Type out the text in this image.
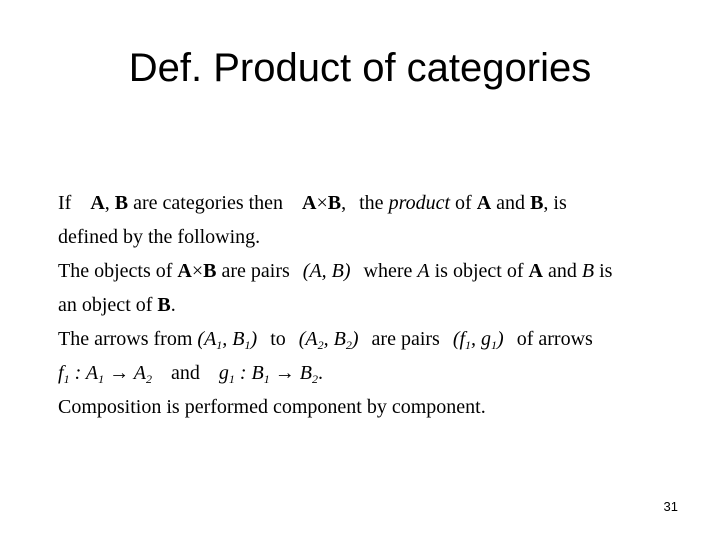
Def. Product of categories
If A, B are categories then A×B, the product of A and B, is
defined by the following.
The objects of A×B are pairs (A, B) where A is object of A and B is
an object of B.
The arrows from ($A_1$, $B_1$) to ($A_2$, $B_2$) are pairs ($f_1$, $g_1$) of arrows
$f_1$ : $A_1 \to A_2$ and $g_1$ : $B_1 \to B_2$.
Composition is performed component by component.
31
